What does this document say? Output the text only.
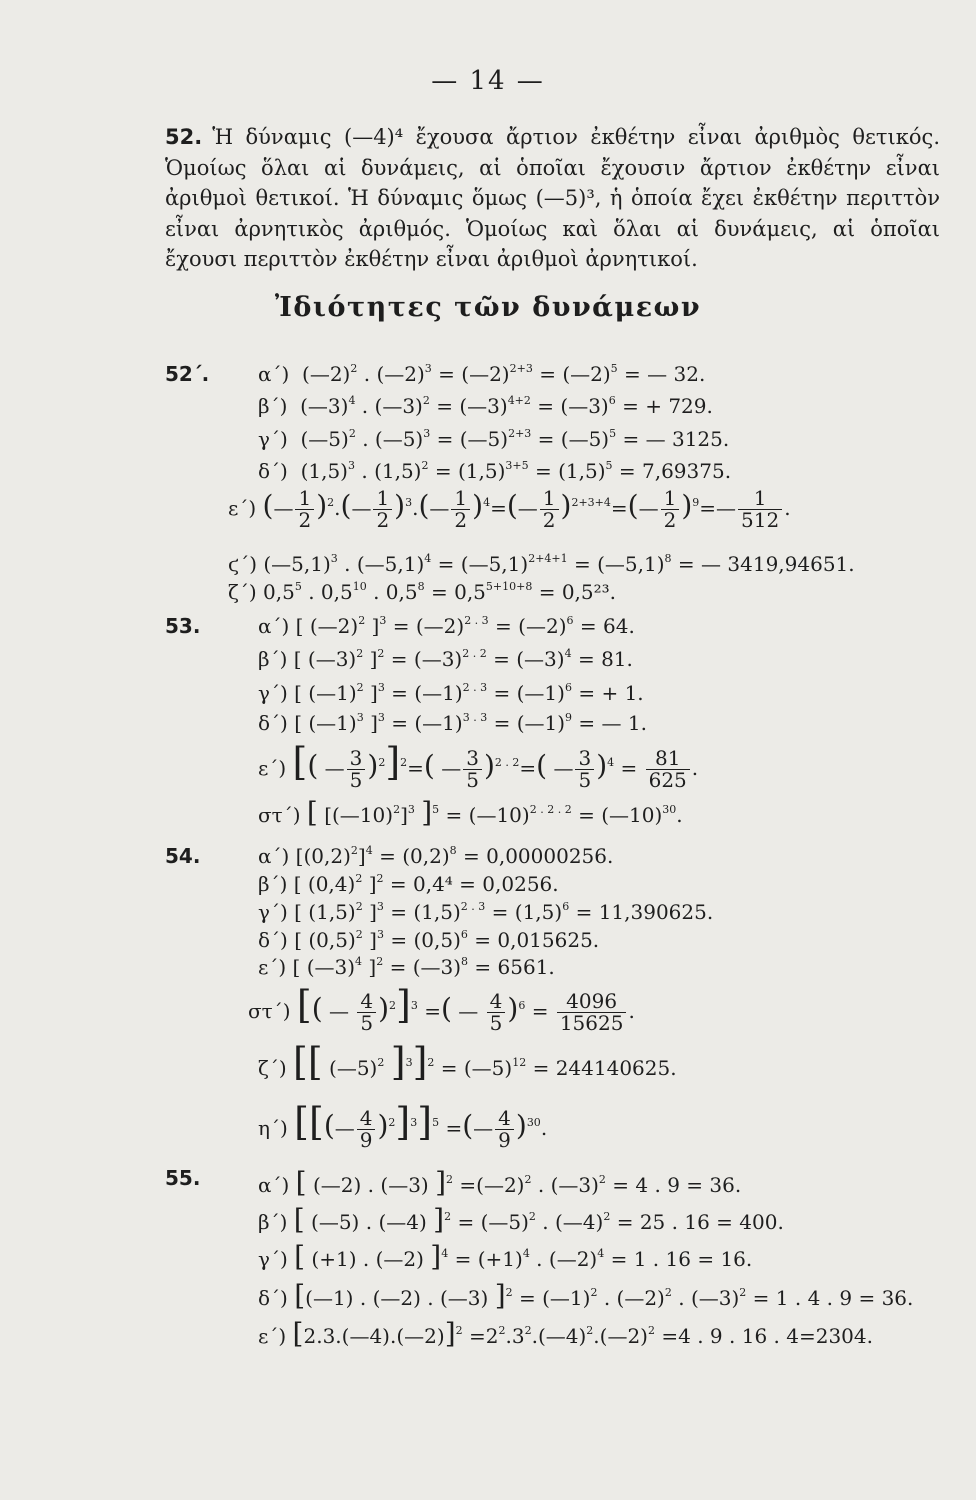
— 14 —
52. Ἡ δύναμις (—4)⁴ ἔχουσα ἄρτιον ἐκθέτην εἶναι ἀριθμὸς θετικός. Ὁμοίως ὅλαι αἱ δυνάμεις, αἱ ὁποῖαι ἔχουσιν ἄρτιον ἐκθέτην εἶναι ἀριθμοὶ θετικοί. Ἡ δύναμις ὅμως (—5)³, ἡ ὁποία ἔχει ἐκθέτην περιττὸν εἶναι ἀρνητικὸς ἀριθμός. Ὁμοίως καὶ ὅλαι αἱ δυνάμεις, αἱ ὁποῖαι ἔχουσι περιττὸν ἐκθέτην εἶναι ἀριθμοὶ ἀρνητικοί.
Ἰδιότητες τῶν δυνάμεων
52΄. α΄) (—2)$^2$ . (—2)$^3$ = (—2)$^{2+3}$ = (—2)$^5$ = — 32.
β΄) (—3)$^4$ . (—3)$^2$ = (—3)$^{4+2}$ = (—3)$^6$ = + 729.
γ΄) (—5)$^2$ . (—5)$^3$ = (—5)$^{2+3}$ = (—5)$^5$ = — 3125.
δ΄) $(1,5)^3$ . $(1,5)^2 = (1,5)^{3+5} = (1,5)^5 = 7,69375$.
ε΄) (— $\frac{1}{2}$ )$^2$.(— $\frac{1}{2}$ )$^3$.(— $\frac{1}{2}$ )$^4$=(— $\frac{1}{2}$ )$^{2+3+4}$=(— $\frac{1}{2}$ )$^9$=— $\frac{1}{512}$ .
ϛ΄) (—5,1)$^3$ . (—5,1)$^4$ = (—5,1)$^{2+4+1}$ = (—5,1)$^8$ = — 3419,94651.
ζ΄) $0,5^5$ . $0,5^{10}$ . $0,5^8 = 0,5^{5+10+8} = 0,5^{23}$.
53.	α΄) [ (—2)$^2$ ]$^3$ = (—2)$^{2 . 3}$ = (—2)$^6$ = 64.
β΄) [ (—3)$^2$ ]$^2$ = (—3)$^{2 . 2}$ = (—3)$^4$ = 81.
γ΄) [ (—1)$^2$ ]$^3$ = (—1)$^{2 . 3}$ = (—1)$^6$ = + 1.
δ΄) [ (—1)$^3$ ]$^3$ = (—1)$^{3 . 3}$ = (—1)$^9$ = — 1.
ε΄) [( — $\frac{3}{5} )^2]^2=$( — $\frac{3}{5} )^{2 . 2}=$( — $\frac{3}{5} )^4 = \frac{81}{625}$ .
στ΄) [ [(—10)$^2$]$^3$ ]$^5$ = (—10)$^{2 . 2 . 2}$ = (—10)$^{30}$.
54.	α΄) $[(0,2)^2]^4 = (0,2)^8 = 0,00000256$.
β΄) [ $(0,4)^2$ ]$^2$ = 0,4⁴ = 0,0256.
γ΄) [ $(1,5)^2$ ]$^3 = (1,5)^{2 . 3} = (1,5)^6 = 11,390625$.
δ΄) [ $(0,5)^2$ ]$^3 = (0,5)^6 = 0,015625$.
ε΄) [ (—3)$^4$ ]$^2$ = (—3)$^8$ = 6561.
στ΄) [( — $\frac{4}{5} )^2]^3$ =( — $\frac{4}{5} )^6 = \frac{4096}{15625}$ .
ζ΄) [[ (—5)$^2$ ]$^3$]$^2$ = (—5)$^{12}$ = 244140625.
η΄) [[(— $\frac{4}{9} )^2]^3]^5$ =(— $\frac{4}{9} )^{30}$.
55.	α΄) [ (—2) . (—3) ]$^2$ =(—2)$^2$ . (—3)$^2$ = 4 . 9 = 36.
β΄) [ (—5) . (—4) ]$^2$ = (—5)$^2$ . (—4)$^2$ = 25 . 16 = 400.
γ΄) [ (+1) . (—2) ]$^4 = (+1)^4$ . (—2)$^4$ = 1 . 16 = 16.
δ΄) [(—1) . (—2) . (—3) ]$^2$ = (—1)$^2$ . (—2)$^2$ . (—3)$^2$ = 1 . 4 . 9 = 36.
ε΄) [2.3.(—4).(—2)]$^2$ $=2^2.3^2.(—4)^2.(—2)^2 =4$ . 9 . 16 . 4=2304.
